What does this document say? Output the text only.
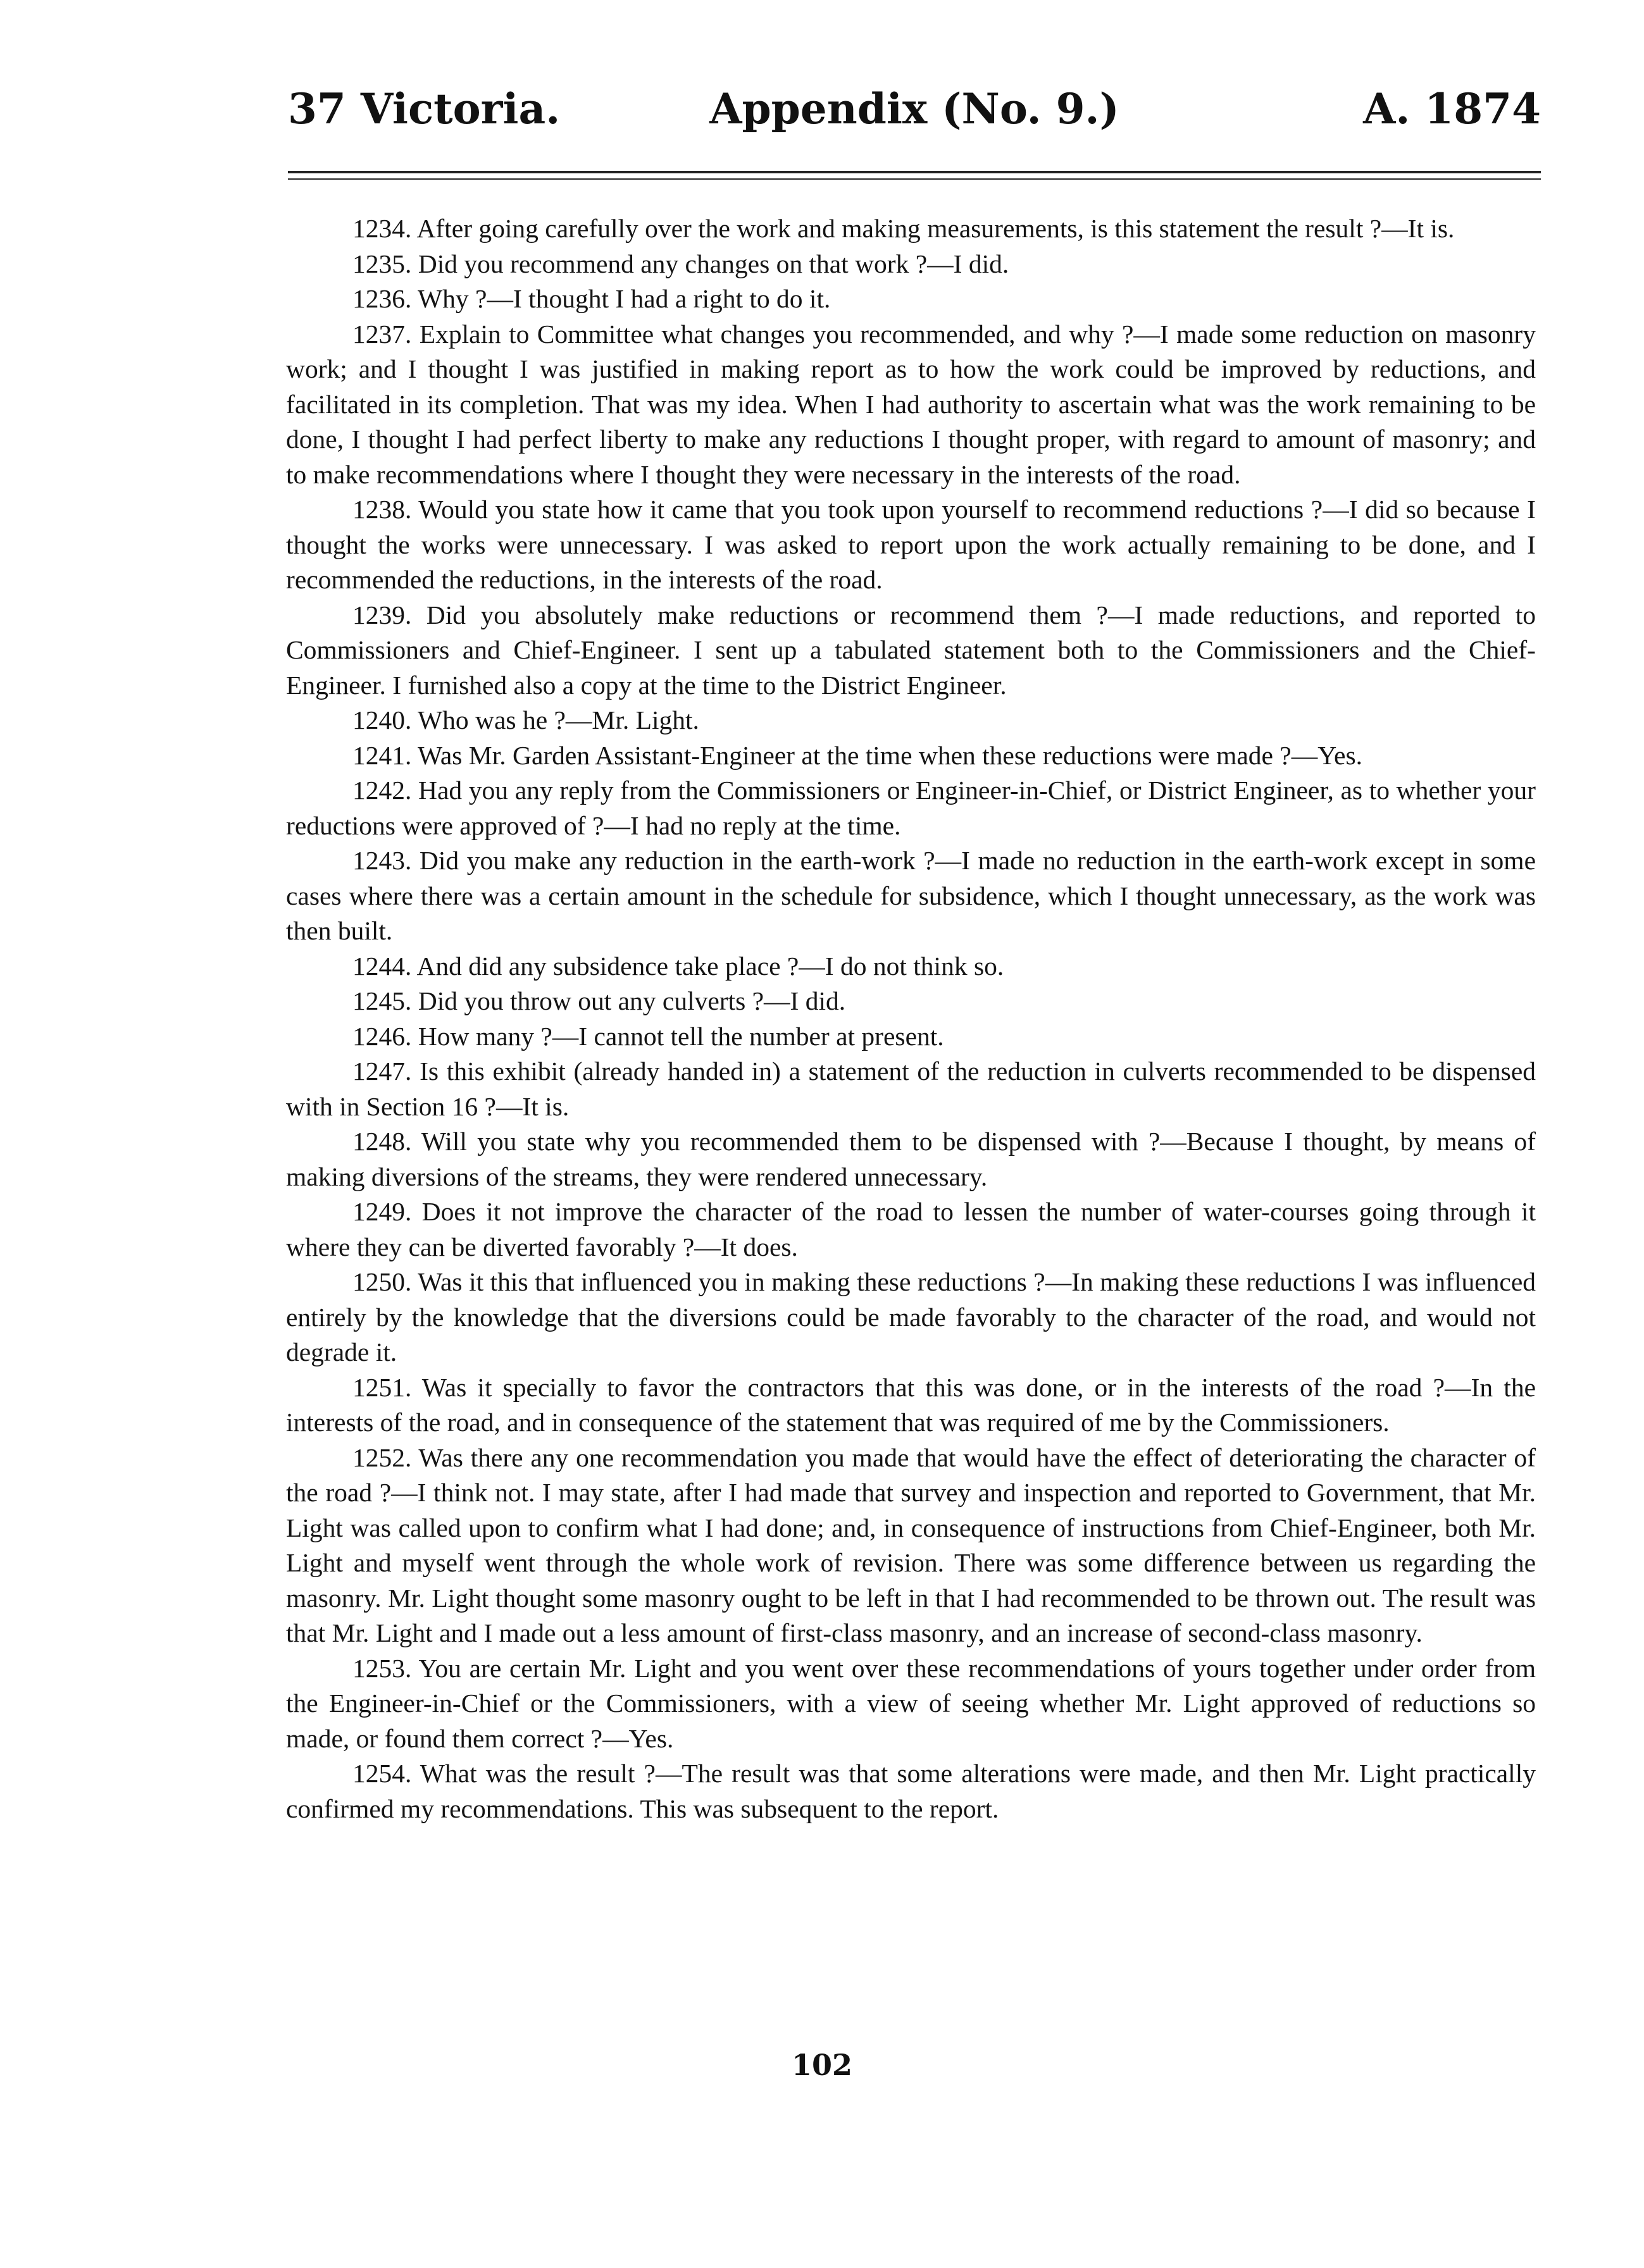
37 Victoria.	Appendix (No. 9.)	A. 1874

1234. After going carefully over the work and making measurements, is this statement the result ?—It is.

1235. Did you recommend any changes on that work ?—I did.

1236. Why ?—I thought I had a right to do it.

1237. Explain to Committee what changes you recommended, and why ?—I made some reduction on masonry work; and I thought I was justified in making report as to how the work could be improved by reductions, and facilitated in its completion. That was my idea. When I had authority to ascertain what was the work remaining to be done, I thought I had perfect liberty to make any reductions I thought proper, with regard to amount of masonry; and to make recommendations where I thought they were necessary in the interests of the road.

1238. Would you state how it came that you took upon yourself to recommend reductions ?—I did so because I thought the works were unnecessary. I was asked to report upon the work actually remaining to be done, and I recommended the reductions, in the interests of the road.

1239. Did you absolutely make reductions or recommend them ?—I made reductions, and reported to Commissioners and Chief-Engineer. I sent up a tabulated statement both to the Commissioners and the Chief-Engineer. I furnished also a copy at the time to the District Engineer.

1240. Who was he ?—Mr. Light.

1241. Was Mr. Garden Assistant-Engineer at the time when these reductions were made ?—Yes.

1242. Had you any reply from the Commissioners or Engineer-in-Chief, or District Engineer, as to whether your reductions were approved of ?—I had no reply at the time.

1243. Did you make any reduction in the earth-work ?—I made no reduction in the earth-work except in some cases where there was a certain amount in the schedule for subsidence, which I thought unnecessary, as the work was then built.

1244. And did any subsidence take place ?—I do not think so.

1245. Did you throw out any culverts ?—I did.

1246. How many ?—I cannot tell the number at present.

1247. Is this exhibit (already handed in) a statement of the reduction in culverts recommended to be dispensed with in Section 16 ?—It is.

1248. Will you state why you recommended them to be dispensed with ?—Because I thought, by means of making diversions of the streams, they were rendered unnecessary.

1249. Does it not improve the character of the road to lessen the number of water-courses going through it where they can be diverted favorably ?—It does.

1250. Was it this that influenced you in making these reductions ?—In making these reductions I was influenced entirely by the knowledge that the diversions could be made favorably to the character of the road, and would not degrade it.

1251. Was it specially to favor the contractors that this was done, or in the interests of the road ?—In the interests of the road, and in consequence of the statement that was required of me by the Commissioners.

1252. Was there any one recommendation you made that would have the effect of deteriorating the character of the road ?—I think not. I may state, after I had made that survey and inspection and reported to Government, that Mr. Light was called upon to confirm what I had done; and, in consequence of instructions from Chief-Engineer, both Mr. Light and myself went through the whole work of revision. There was some difference between us regarding the masonry. Mr. Light thought some masonry ought to be left in that I had recommended to be thrown out. The result was that Mr. Light and I made out a less amount of first-class masonry, and an increase of second-class masonry.

1253. You are certain Mr. Light and you went over these recommendations of yours together under order from the Engineer-in-Chief or the Commissioners, with a view of seeing whether Mr. Light approved of reductions so made, or found them correct ?—Yes.

1254. What was the result ?—The result was that some alterations were made, and then Mr. Light practically confirmed my recommendations. This was subsequent to the report.

102
